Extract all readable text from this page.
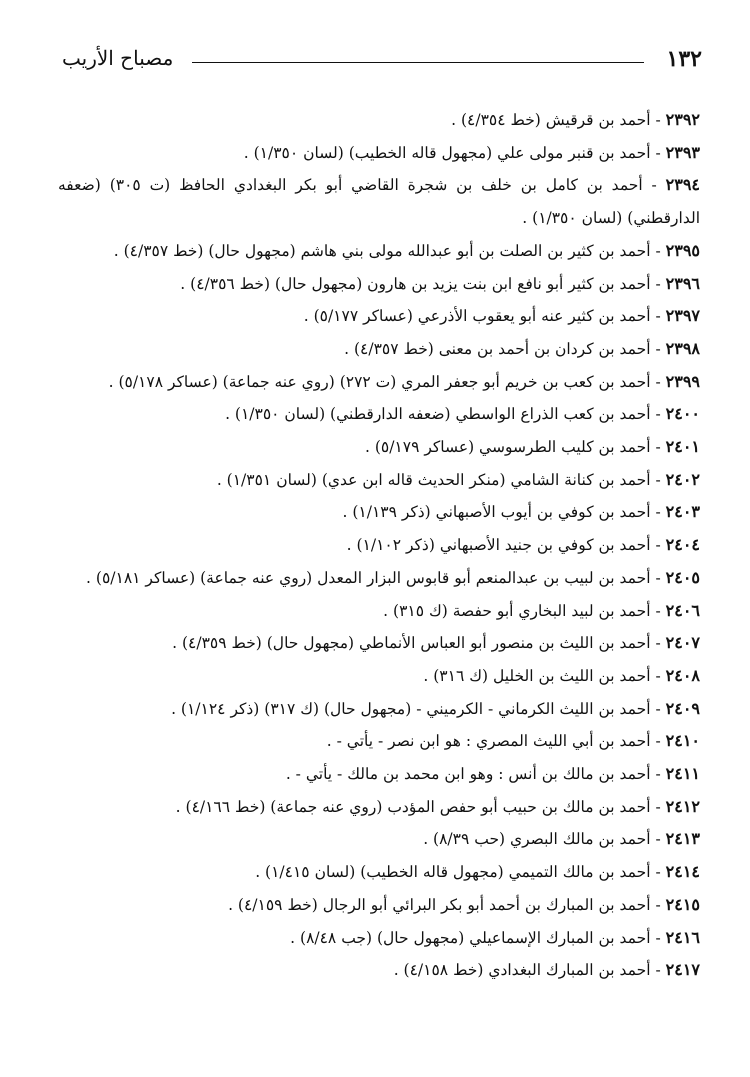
١٣٢
مصباح الأريب
٢٣٩٢ - أحمد بن قرقيش (خط ٤/٣٥٤) .
٢٣٩٣ - أحمد بن قنبر مولى علي (مجهول قاله الخطيب) (لسان ١/٣٥٠) .
٢٣٩٤ - أحمد بن كامل بن خلف بن شجرة القاضي أبو بكر البغدادي الحافظ (ت ٣٠٥) (ضعفه الدارقطني) (لسان ١/٣٥٠) .
٢٣٩٥ - أحمد بن كثير بن الصلت بن أبو عبدالله مولى بني هاشم (مجهول حال) (خط ٤/٣٥٧) .
٢٣٩٦ - أحمد بن كثير أبو نافع ابن بنت يزيد بن هارون (مجهول حال) (خط ٤/٣٥٦) .
٢٣٩٧ - أحمد بن كثير عنه أبو يعقوب الأذرعي (عساكر ٥/١٧٧) .
٢٣٩٨ - أحمد بن كردان بن أحمد بن معنى (خط ٤/٣٥٧) .
٢٣٩٩ - أحمد بن كعب بن خريم أبو جعفر المري (ت ٢٧٢) (روي عنه جماعة) (عساكر ٥/١٧٨) .
٢٤٠٠ - أحمد بن كعب الذراع الواسطي (ضعفه الدارقطني) (لسان ١/٣٥٠) .
٢٤٠١ - أحمد بن كليب الطرسوسي (عساكر ٥/١٧٩) .
٢٤٠٢ - أحمد بن كنانة الشامي (منكر الحديث قاله ابن عدي) (لسان ١/٣٥١) .
٢٤٠٣ - أحمد بن كوفي بن أيوب الأصبهاني (ذكر ١/١٣٩) .
٢٤٠٤ - أحمد بن كوفي بن جنيد الأصبهاني (ذكر ١/١٠٢) .
٢٤٠٥ - أحمد بن لبيب بن عبدالمنعم أبو قابوس البزار المعدل (روي عنه جماعة) (عساكر ٥/١٨١) .
٢٤٠٦ - أحمد بن لبيد البخاري أبو حفصة (ك ٣١٥) .
٢٤٠٧ - أحمد بن الليث بن منصور أبو العباس الأنماطي (مجهول حال) (خط ٤/٣٥٩) .
٢٤٠٨ - أحمد بن الليث بن الخليل (ك ٣١٦) .
٢٤٠٩ - أحمد بن الليث الكرماني - الكرميني - (مجهول حال) (ك ٣١٧) (ذكر ١/١٢٤) .
٢٤١٠ - أحمد بن أبي الليث المصري : هو ابن نصر - يأتي - .
٢٤١١ - أحمد بن مالك بن أنس : وهو ابن محمد بن مالك - يأتي - .
٢٤١٢ - أحمد بن مالك بن حبيب أبو حفص المؤدب (روي عنه جماعة) (خط ٤/١٦٦) .
٢٤١٣ - أحمد بن مالك البصري (حب ٨/٣٩) .
٢٤١٤ - أحمد بن مالك التميمي (مجهول قاله الخطيب) (لسان ١/٤١٥) .
٢٤١٥ - أحمد بن المبارك بن أحمد أبو بكر البرائي أبو الرجال (خط ٤/١٥٩) .
٢٤١٦ - أحمد بن المبارك الإسماعيلي (مجهول حال) (جب ٨/٤٨) .
٢٤١٧ - أحمد بن المبارك البغدادي (خط ٤/١٥٨) .
